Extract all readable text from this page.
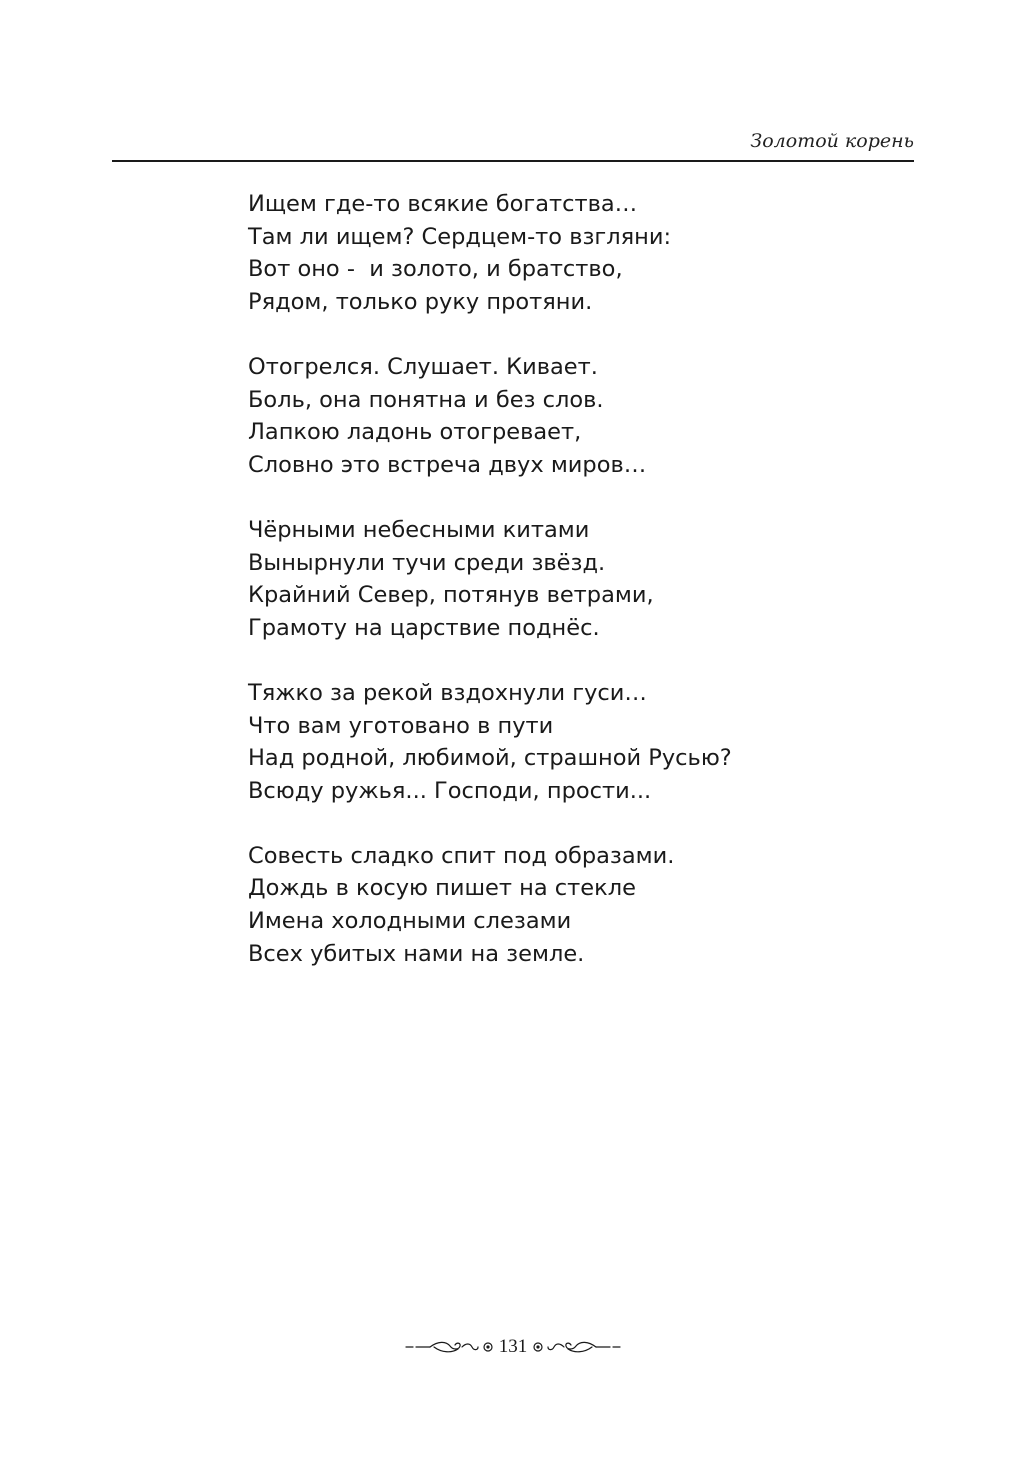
Золотой корень
Ищем где-то всякие богатства…
Там ли ищем? Сердцем-то взгляни:
Вот оно -  и золото, и братство,
Рядом, только руку протяни.
Отогрелся. Слушает. Кивает.
Боль, она понятна и без слов.
Лапкою ладонь отогревает,
Словно это встреча двух миров…
Чёрными небесными китами
Вынырнули тучи среди звёзд.
Крайний Север, потянув ветрами,
Грамоту на царствие поднёс.
Тяжко за рекой вздохнули гуси…
Что вам уготовано в пути
Над родной, любимой, страшной Русью?
Всюду ружья... Господи, прости...
Совесть сладко спит под образами.
Дождь в косую пишет на стекле
Имена холодными слезами
Всех убитых нами на земле.
131
